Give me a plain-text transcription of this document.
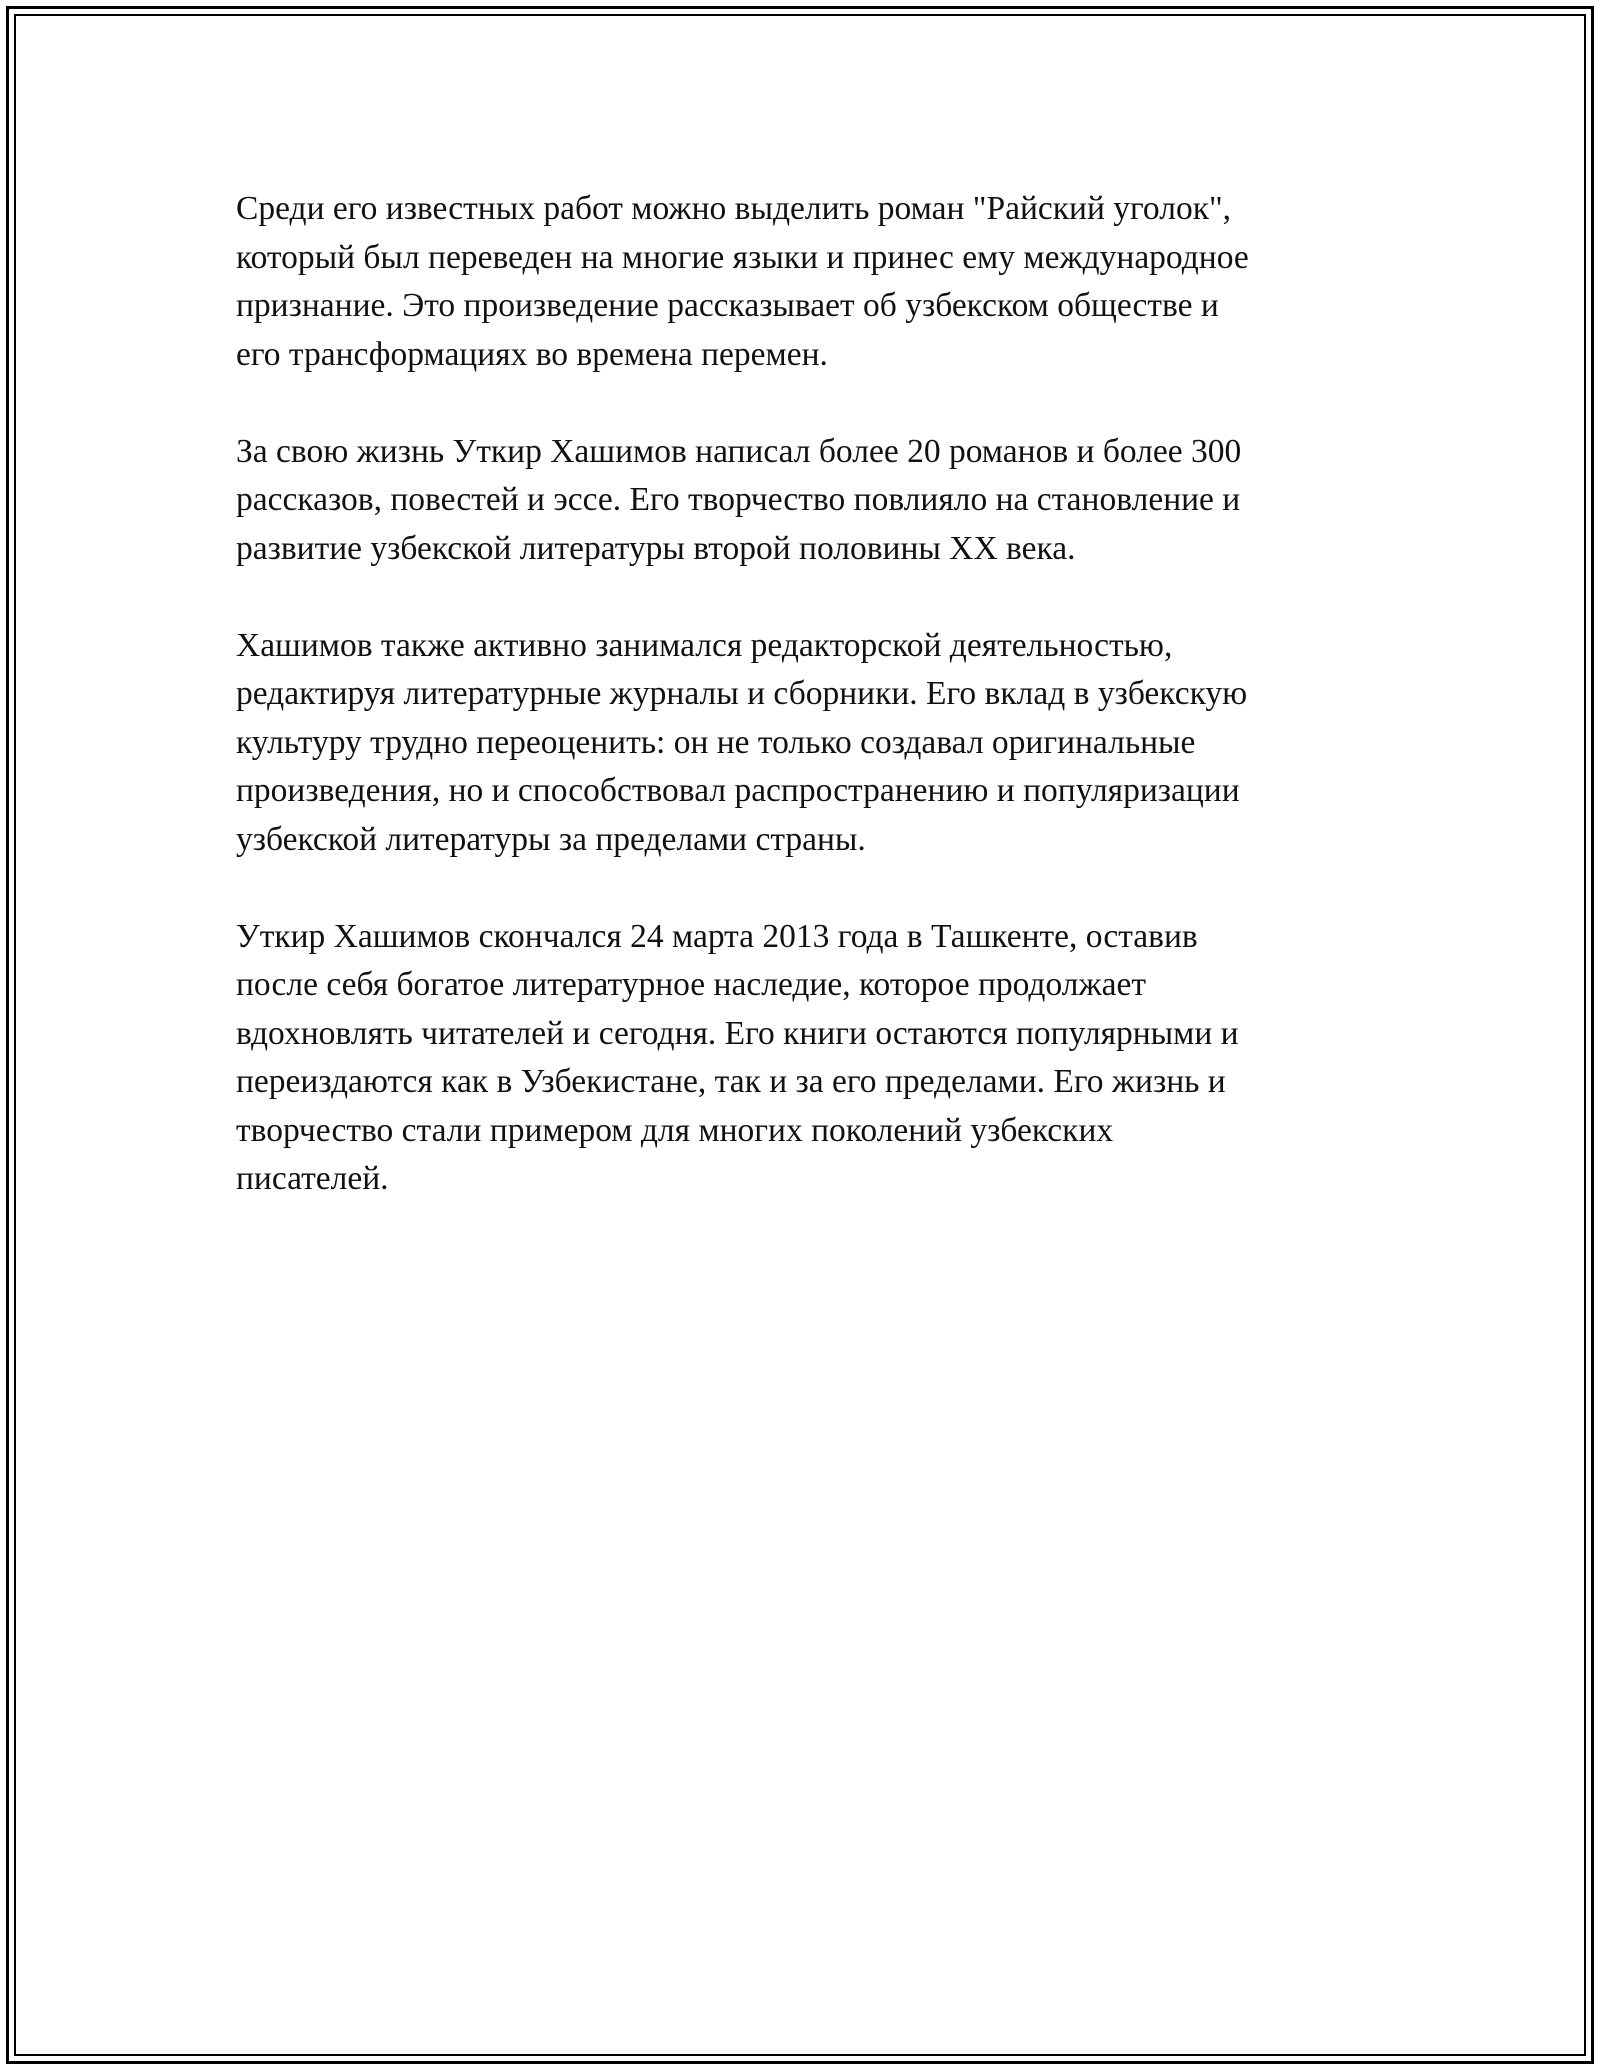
Среди его известных работ можно выделить роман "Райский уголок",
который был переведен на многие языки и принес ему международное
признание. Это произведение рассказывает об узбекском обществе и
его трансформациях во времена перемен.

За свою жизнь Уткир Хашимов написал более 20 романов и более 300
рассказов, повестей и эссе. Его творчество повлияло на становление и
развитие узбекской литературы второй половины XX века.

Хашимов также активно занимался редакторской деятельностью,
редактируя литературные журналы и сборники. Его вклад в узбекскую
культуру трудно переоценить: он не только создавал оригинальные
произведения, но и способствовал распространению и популяризации
узбекской литературы за пределами страны.

Уткир Хашимов скончался 24 марта 2013 года в Ташкенте, оставив
после себя богатое литературное наследие, которое продолжает
вдохновлять читателей и сегодня. Его книги остаются популярными и
переиздаются как в Узбекистане, так и за его пределами. Его жизнь и
творчество стали примером для многих поколений узбекских
писателей.
